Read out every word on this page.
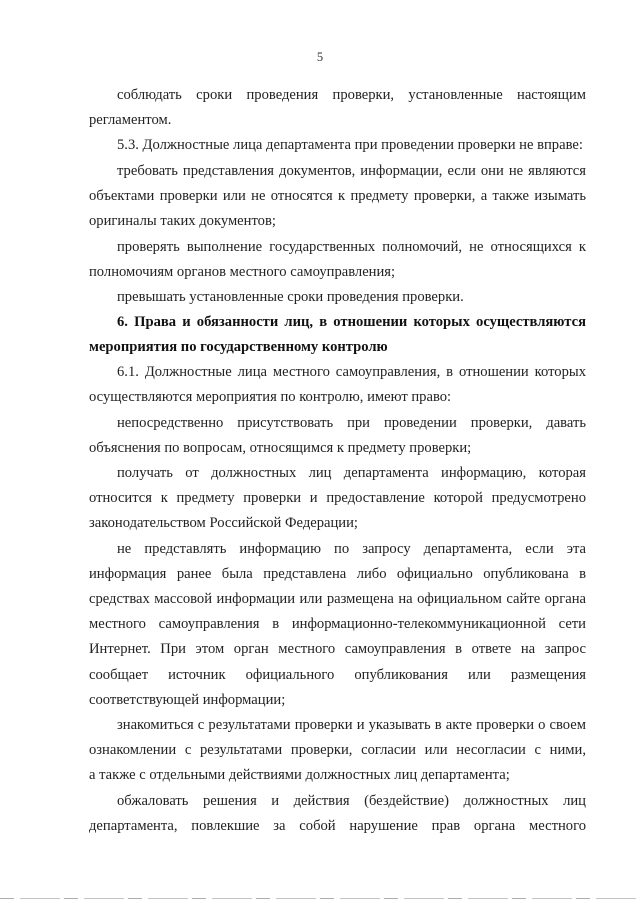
5
соблюдать сроки проведения проверки, установленные настоящим
регламентом.
5.3. Должностные лица департамента при проведении проверки не вправе:
требовать представления документов, информации, если они не являются
объектами проверки или не относятся к предмету проверки, а также изымать
оригиналы таких документов;
проверять выполнение государственных полномочий, не относящихся к
полномочиям органов местного самоуправления;
превышать установленные сроки проведения проверки.
6. Права и обязанности лиц, в отношении которых осуществляются
мероприятия по государственному контролю
6.1. Должностные лица местного самоуправления, в отношении которых
осуществляются мероприятия по контролю, имеют право:
непосредственно присутствовать при проведении проверки, давать
объяснения по вопросам, относящимся к предмету проверки;
получать от должностных лиц департамента информацию, которая
относится к предмету проверки и предоставление которой предусмотрено
законодательством Российской Федерации;
не представлять информацию по запросу департамента, если эта
информация ранее была представлена либо официально опубликована в
средствах массовой информации или размещена на официальном сайте органа
местного самоуправления в информационно-телекоммуникационной сети
Интернет. При этом орган местного самоуправления в ответе на запрос
сообщает источник официального опубликования или размещения
соответствующей информации;
знакомиться с результатами проверки и указывать в акте проверки о своем
ознакомлении с результатами проверки, согласии или несогласии с ними,
а также с отдельными действиями должностных лиц департамента;
обжаловать решения и действия (бездействие) должностных лиц
департамента, повлекшие за собой нарушение прав органа местного
